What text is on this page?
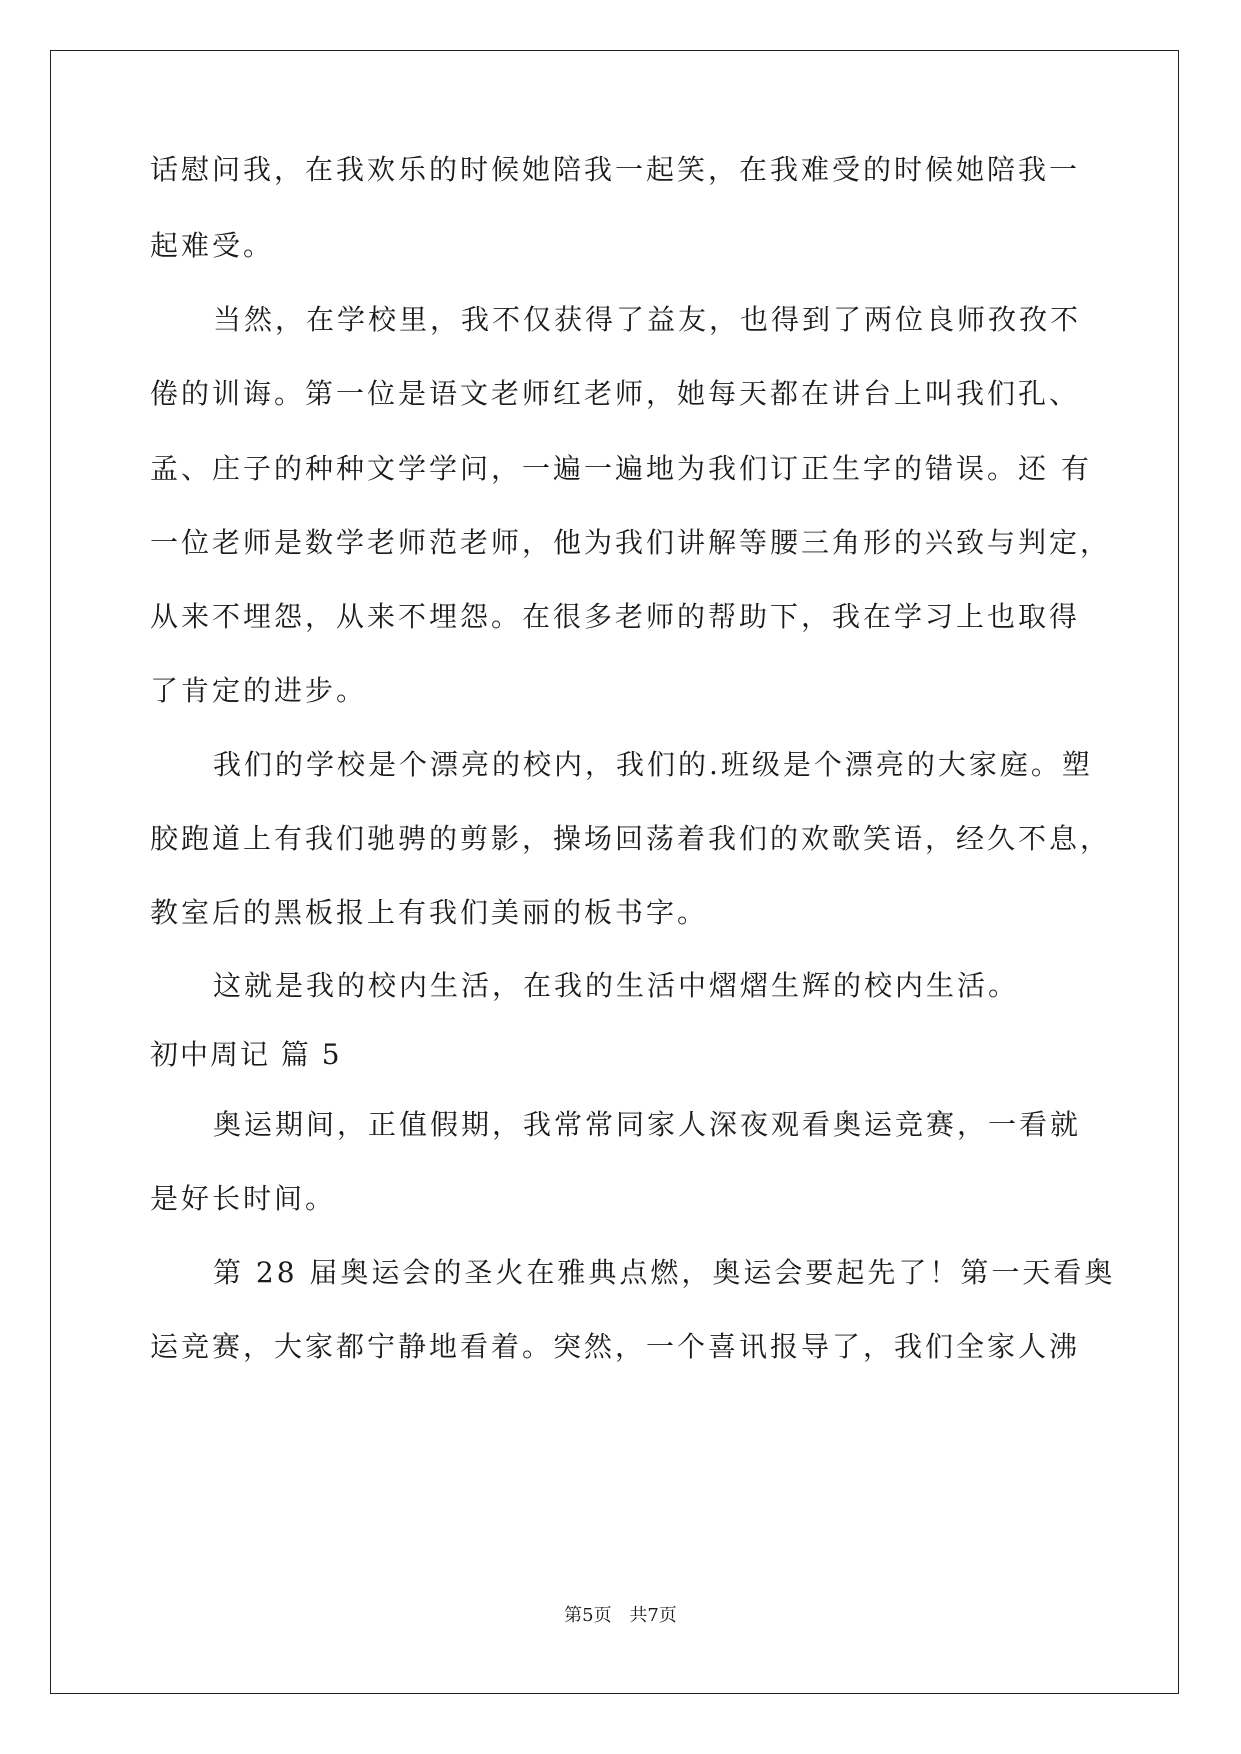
话慰问我，在我欢乐的时候她陪我一起笑，在我难受的时候她陪我一
起难受。
当然，在学校里，我不仅获得了益友，也得到了两位良师孜孜不
倦的训诲。第一位是语文老师红老师，她每天都在讲台上叫我们孔、
孟、庄子的种种文学学问，一遍一遍地为我们订正生字的错误。还 有
一位老师是数学老师范老师，他为我们讲解等腰三角形的兴致与判定，
从来不埋怨，从来不埋怨。在很多老师的帮助下，我在学习上也取得
了肯定的进步。
我们的学校是个漂亮的校内，我们的.班级是个漂亮的大家庭。塑
胶跑道上有我们驰骋的剪影，操场回荡着我们的欢歌笑语，经久不息，
教室后的黑板报上有我们美丽的板书字。
这就是我的校内生活，在我的生活中熠熠生辉的校内生活。
初中周记 篇 5
奥运期间，正值假期，我常常同家人深夜观看奥运竞赛，一看就
是好长时间。
第 28 届奥运会的圣火在雅典点燃，奥运会要起先了！第一天看奥
运竞赛，大家都宁静地看着。突然，一个喜讯报导了，我们全家人沸
第5页 共7页
